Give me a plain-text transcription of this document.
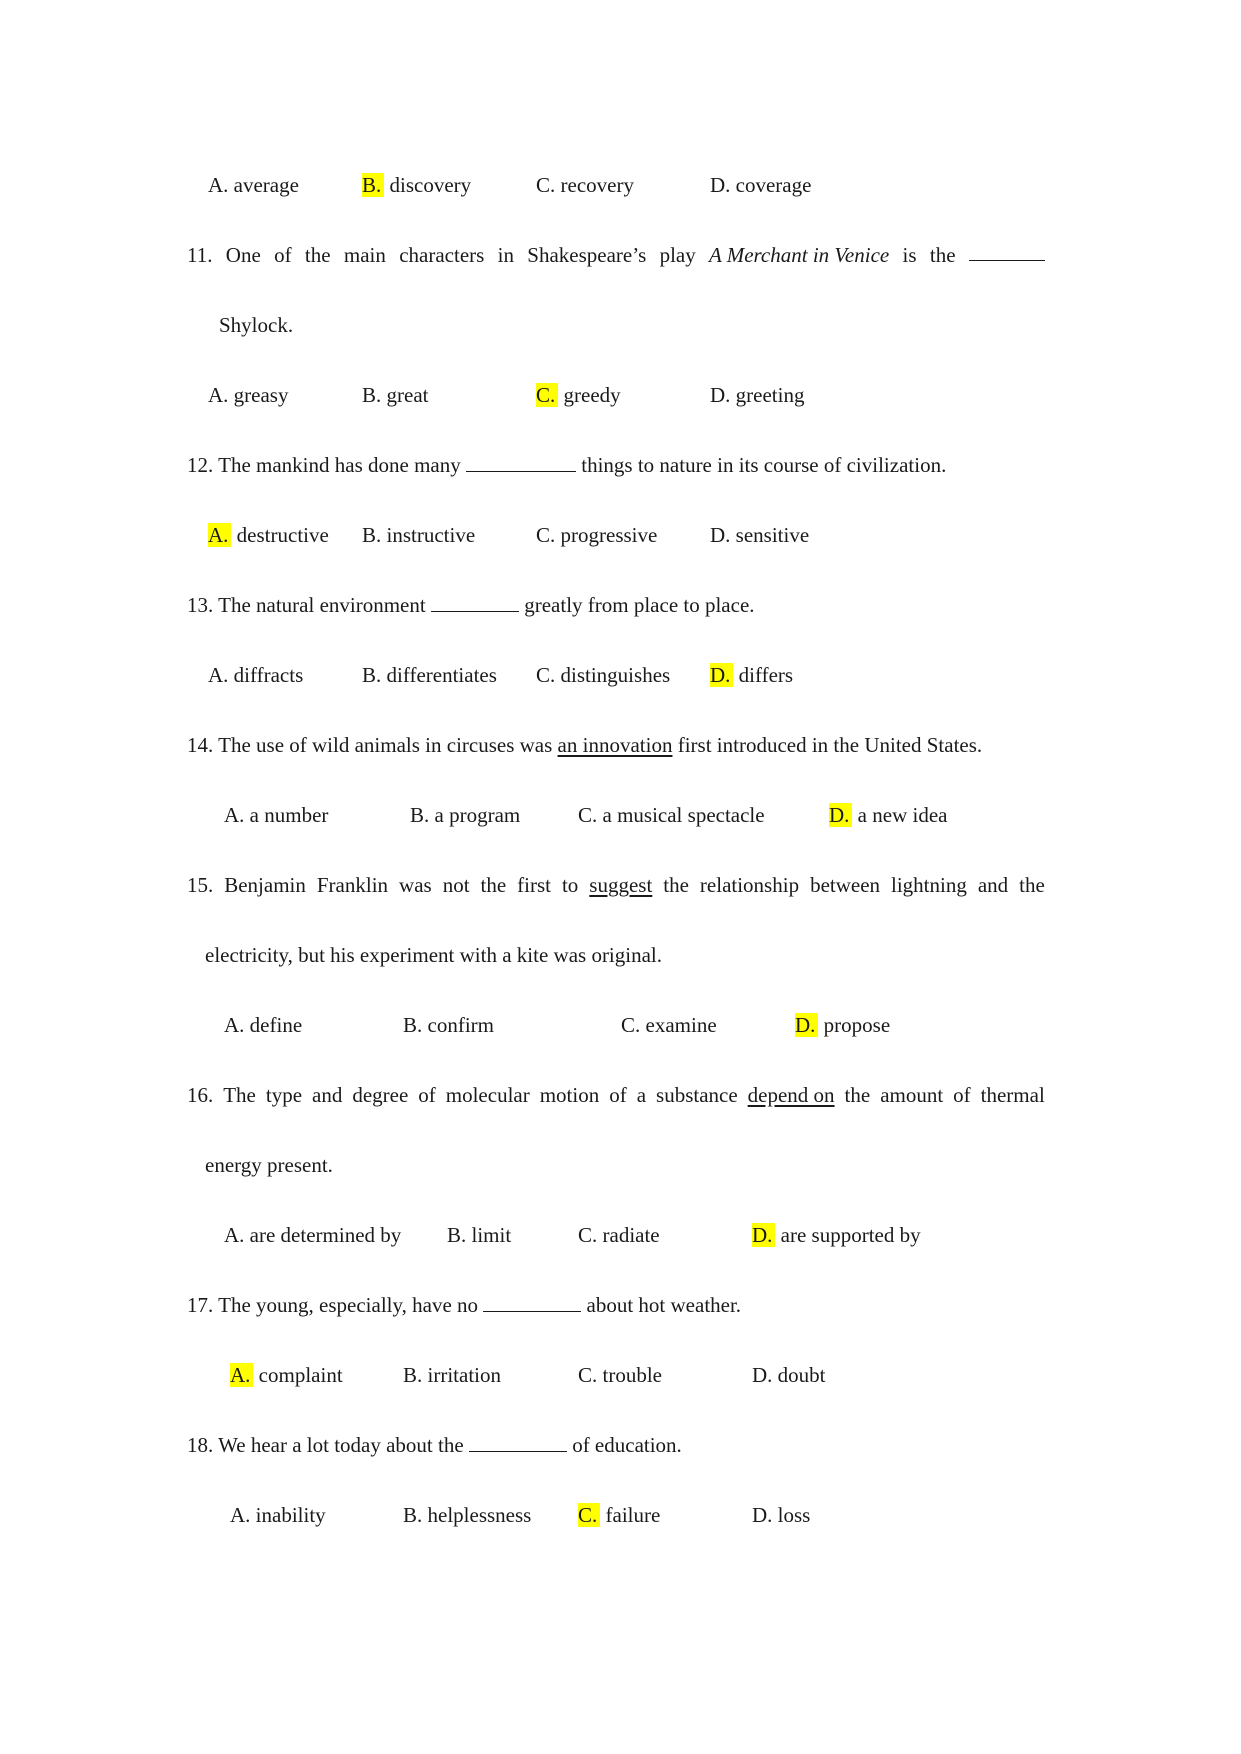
A. average	B. discovery	C. recovery	D. coverage
11. One of the main characters in Shakespeare’s play A Merchant in Venice is the
Shylock.
A. greasy	B. great	C. greedy	D. greeting
12. The mankind has done many	things to nature in its course of civilization.
A. destructive B. instructive	C. progressive	D. sensitive
13. The natural environment	greatly from place to place.
A. diffracts	B. differentiates C. distinguishes D. differs
14. The use of wild animals in circuses was an innovation first introduced in the United States.
A. a number	B. a program	C. a musical spectacle	D. a new idea
15. Benjamin Franklin was not the first to suggest the relationship between lightning and the
electricity, but his experiment with a kite was original.
A. define	B. confirm	C. examine	D. propose
16. The type and degree of molecular motion of a substance depend on the amount of thermal
energy present.
A. are determined by B. limit	C. radiate	D. are supported by
17. The young, especially, have no	about hot weather.
A. complaint	B. irritation	C. trouble	D. doubt
18. We hear a lot today about the	of education.
A. inability	B. helplessness C. failure	D. loss
